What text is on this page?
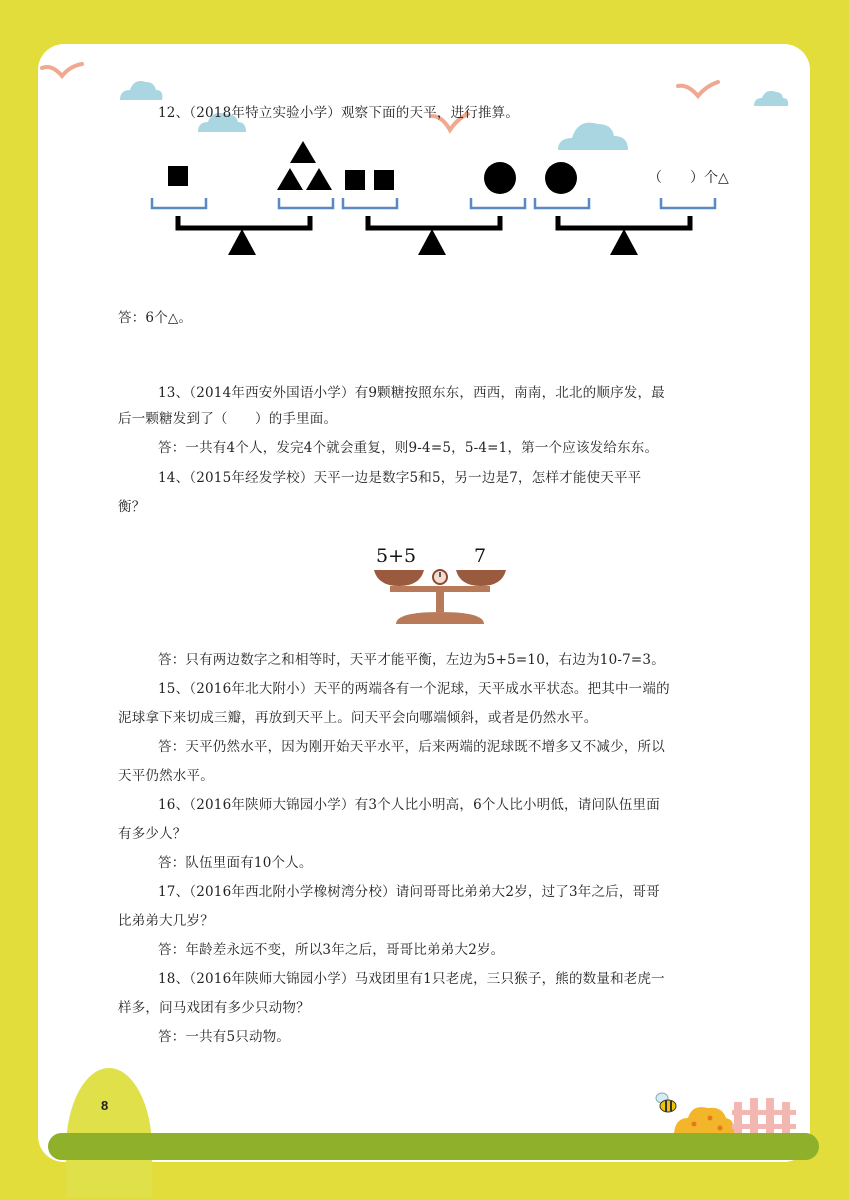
12、（2018年特立实验小学）观察下面的天平，进行推算。
（　　）个△
答：6个△。
13、（2014年西安外国语小学）有9颗糖按照东东，西西，南南，北北的顺序发，最
后一颗糖发到了（　　）的手里面。
答：一共有4个人，发完4个就会重复，则9-4=5，5-4=1，第一个应该发给东东。
14、（2015年经发学校）天平一边是数字5和5，另一边是7，怎样才能使天平平
衡？
5+5	7
答：只有两边数字之和相等时，天平才能平衡，左边为5+5=10，右边为10-7=3。
15、（2016年北大附小）天平的两端各有一个泥球，天平成水平状态。把其中一端的
泥球拿下来切成三瓣，再放到天平上。问天平会向哪端倾斜，或者是仍然水平。
答：天平仍然水平，因为刚开始天平水平，后来两端的泥球既不增多又不减少，所以
天平仍然水平。
16、（2016年陕师大锦园小学）有3个人比小明高，6个人比小明低，请问队伍里面
有多少人？
答：队伍里面有10个人。
17、（2016年西北附小学橡树湾分校）请问哥哥比弟弟大2岁，过了3年之后，哥哥
比弟弟大几岁？
答：年龄差永远不变，所以3年之后，哥哥比弟弟大2岁。
18、（2016年陕师大锦园小学）马戏团里有1只老虎，三只猴子，熊的数量和老虎一
样多，问马戏团有多少只动物？
答：一共有5只动物。
8
